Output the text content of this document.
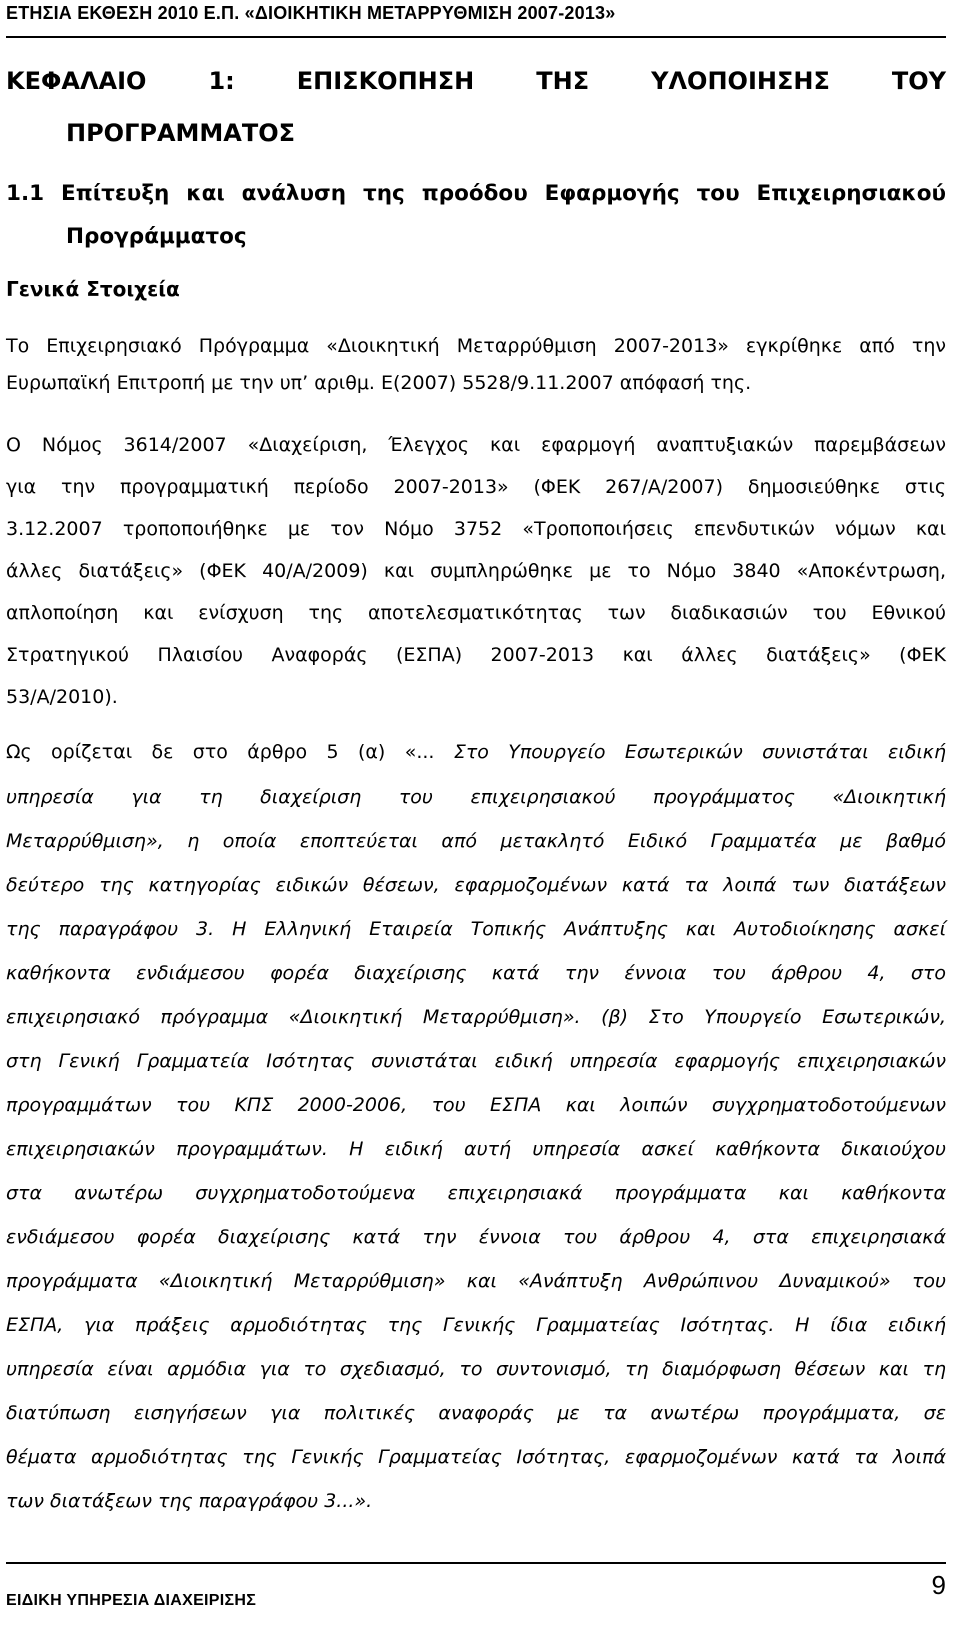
ΕΤΗΣΙΑ ΕΚΘΕΣΗ 2010 Ε.Π. «ΔΙΟΙΚΗΤΙΚΗ ΜΕΤΑΡΡΥΘΜΙΣΗ 2007-2013»
ΚΕΦΑΛΑΙΟ 1: ΕΠΙΣΚΟΠΗΣΗ ΤΗΣ ΥΛΟΠΟΙΗΣΗΣ ΤΟΥ
ΠΡΟΓΡΑΜΜΑΤΟΣ
1.1 Επίτευξη και ανάλυση της προόδου Εφαρμογής του Επιχειρησιακού
Προγράμματος
Γενικά Στοιχεία
Το Επιχειρησιακό Πρόγραμμα «Διοικητική Μεταρρύθμιση 2007-2013» εγκρίθηκε από την
Ευρωπαϊκή Επιτροπή με την υπ’ αριθμ. Ε(2007) 5528/9.11.2007 απόφασή της.
Ο Νόμος 3614/2007 «Διαχείριση, Έλεγχος και εφαρμογή αναπτυξιακών παρεμβάσεων
για την προγραμματική περίοδο 2007-2013» (ΦΕΚ 267/Α/2007) δημοσιεύθηκε στις
3.12.2007 τροποποιήθηκε με τον Νόμο 3752 «Τροποποιήσεις επενδυτικών νόμων και
άλλες διατάξεις» (ΦΕΚ 40/Α/2009) και συμπληρώθηκε με το Νόμο 3840 «Αποκέντρωση,
απλοποίηση και ενίσχυση της αποτελεσματικότητας των διαδικασιών του Εθνικού
Στρατηγικού Πλαισίου Αναφοράς (ΕΣΠΑ) 2007-2013 και άλλες διατάξεις» (ΦΕΚ
53/Α/2010).
Ως ορίζεται δε στο άρθρο 5 (α) «... Στο Υπουργείο Εσωτερικών συνιστάται ειδική
υπηρεσία για τη διαχείριση του επιχειρησιακού προγράμματος «Διοικητική
Μεταρρύθμιση», η οποία εποπτεύεται από μετακλητό Ειδικό Γραμματέα με βαθμό
δεύτερο της κατηγορίας ειδικών θέσεων, εφαρμοζομένων κατά τα λοιπά των διατάξεων
της παραγράφου 3. Η Ελληνική Εταιρεία Τοπικής Ανάπτυξης και Αυτοδιοίκησης ασκεί
καθήκοντα ενδιάμεσου φορέα διαχείρισης κατά την έννοια του άρθρου 4, στο
επιχειρησιακό πρόγραμμα «Διοικητική Μεταρρύθμιση». (β) Στο Υπουργείο Εσωτερικών,
στη Γενική Γραμματεία Ισότητας συνιστάται ειδική υπηρεσία εφαρμογής επιχειρησιακών
προγραμμάτων του ΚΠΣ 2000-2006, του ΕΣΠΑ και λοιπών συγχρηματοδοτούμενων
επιχειρησιακών προγραμμάτων. Η ειδική αυτή υπηρεσία ασκεί καθήκοντα δικαιούχου
στα ανωτέρω συγχρηματοδοτούμενα επιχειρησιακά προγράμματα και καθήκοντα
ενδιάμεσου φορέα διαχείρισης κατά την έννοια του άρθρου 4, στα επιχειρησιακά
προγράμματα «Διοικητική Μεταρρύθμιση» και «Ανάπτυξη Ανθρώπινου Δυναμικού» του
ΕΣΠΑ, για πράξεις αρμοδιότητας της Γενικής Γραμματείας Ισότητας. Η ίδια ειδική
υπηρεσία είναι αρμόδια για το σχεδιασμό, το συντονισμό, τη διαμόρφωση θέσεων και τη
διατύπωση εισηγήσεων για πολιτικές αναφοράς με τα ανωτέρω προγράμματα, σε
θέματα αρμοδιότητας της Γενικής Γραμματείας Ισότητας, εφαρμοζομένων κατά τα λοιπά
των διατάξεων της παραγράφου 3...».
ΕΙΔΙΚΗ ΥΠΗΡΕΣΙΑ ΔΙΑΧΕΙΡΙΣΗΣ
9
